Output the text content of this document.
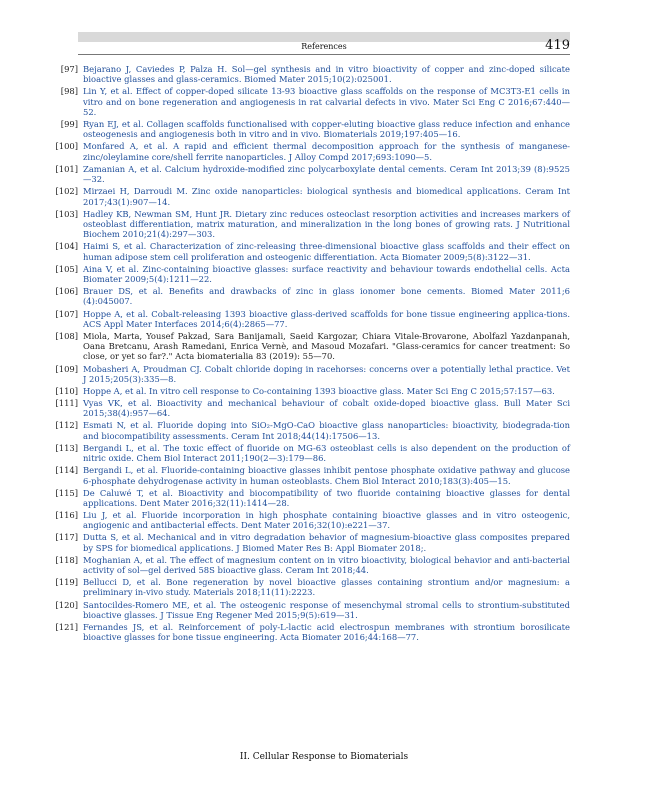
References	419
[97] Bejarano J, Caviedes P, Palza H. Sol—gel synthesis and in vitro bioactivity of copper and zinc-doped silicate bioactive glasses and glass-ceramics. Biomed Mater 2015;10(2):025001.
[98] Lin Y, et al. Effect of copper-doped silicate 13-93 bioactive glass scaffolds on the response of MC3T3-E1 cells in vitro and on bone regeneration and angiogenesis in rat calvarial defects in vivo. Mater Sci Eng C 2016;67:440—52.
[99] Ryan EJ, et al. Collagen scaffolds functionalised with copper-eluting bioactive glass reduce infection and enhance osteogenesis and angiogenesis both in vitro and in vivo. Biomaterials 2019;197:405—16.
[100] Monfared A, et al. A rapid and efficient thermal decomposition approach for the synthesis of manganese-zinc/oleylamine core/shell ferrite nanoparticles. J Alloy Compd 2017;693:1090—5.
[101] Zamanian A, et al. Calcium hydroxide-modified zinc polycarboxylate dental cements. Ceram Int 2013;39 (8):9525—32.
[102] Mirzaei H, Darroudi M. Zinc oxide nanoparticles: biological synthesis and biomedical applications. Ceram Int 2017;43(1):907—14.
[103] Hadley KB, Newman SM, Hunt JR. Dietary zinc reduces osteoclast resorption activities and increases markers of osteoblast differentiation, matrix maturation, and mineralization in the long bones of growing rats. J Nutritional Biochem 2010;21(4):297—303.
[104] Haimi S, et al. Characterization of zinc-releasing three-dimensional bioactive glass scaffolds and their effect on human adipose stem cell proliferation and osteogenic differentiation. Acta Biomater 2009;5(8):3122—31.
[105] Aina V, et al. Zinc-containing bioactive glasses: surface reactivity and behaviour towards endothelial cells. Acta Biomater 2009;5(4):1211—22.
[106] Brauer DS, et al. Benefits and drawbacks of zinc in glass ionomer bone cements. Biomed Mater 2011;6 (4):045007.
[107] Hoppe A, et al. Cobalt-releasing 1393 bioactive glass-derived scaffolds for bone tissue engineering applica-tions. ACS Appl Mater Interfaces 2014;6(4):2865—77.
[108] Miola, Marta, Yousef Pakzad, Sara Banijamali, Saeid Kargozar, Chiara Vitale-Brovarone, Abolfazl Yazdanpanah, Oana Bretcanu, Arash Ramedani, Enrica Vernè, and Masoud Mozafari. "Glass-ceramics for cancer treatment: So close, or yet so far?." Acta biomaterialia 83 (2019): 55—70.
[109] Mobasheri A, Proudman CJ. Cobalt chloride doping in racehorses: concerns over a potentially lethal practice. Vet J 2015;205(3):335—8.
[110] Hoppe A, et al. In vitro cell response to Co-containing 1393 bioactive glass. Mater Sci Eng C 2015;57:157—63.
[111] Vyas VK, et al. Bioactivity and mechanical behaviour of cobalt oxide-doped bioactive glass. Bull Mater Sci 2015;38(4):957—64.
[112] Esmati N, et al. Fluoride doping into SiO₂-MgO-CaO bioactive glass nanoparticles: bioactivity, biodegrada-tion and biocompatibility assessments. Ceram Int 2018;44(14):17506—13.
[113] Bergandi L, et al. The toxic effect of fluoride on MG-63 osteoblast cells is also dependent on the production of nitric oxide. Chem Biol Interact 2011;190(2—3):179—86.
[114] Bergandi L, et al. Fluoride-containing bioactive glasses inhibit pentose phosphate oxidative pathway and glucose 6-phosphate dehydrogenase activity in human osteoblasts. Chem Biol Interact 2010;183(3):405—15.
[115] De Caluwé T, et al. Bioactivity and biocompatibility of two fluoride containing bioactive glasses for dental applications. Dent Mater 2016;32(11):1414—28.
[116] Liu J, et al. Fluoride incorporation in high phosphate containing bioactive glasses and in vitro osteogenic, angiogenic and antibacterial effects. Dent Mater 2016;32(10):e221—37.
[117] Dutta S, et al. Mechanical and in vitro degradation behavior of magnesium-bioactive glass composites prepared by SPS for biomedical applications. J Biomed Mater Res B: Appl Biomater 2018;.
[118] Moghanian A, et al. The effect of magnesium content on in vitro bioactivity, biological behavior and anti-bacterial activity of sol—gel derived 58S bioactive glass. Ceram Int 2018;44.
[119] Bellucci D, et al. Bone regeneration by novel bioactive glasses containing strontium and/or magnesium: a preliminary in-vivo study. Materials 2018;11(11):2223.
[120] Santocildes-Romero ME, et al. The osteogenic response of mesenchymal stromal cells to strontium-substituted bioactive glasses. J Tissue Eng Regener Med 2015;9(5):619—31.
[121] Fernandes JS, et al. Reinforcement of poly-L-lactic acid electrospun membranes with strontium borosilicate bioactive glasses for bone tissue engineering. Acta Biomater 2016;44:168—77.
II. Cellular Response to Biomaterials
